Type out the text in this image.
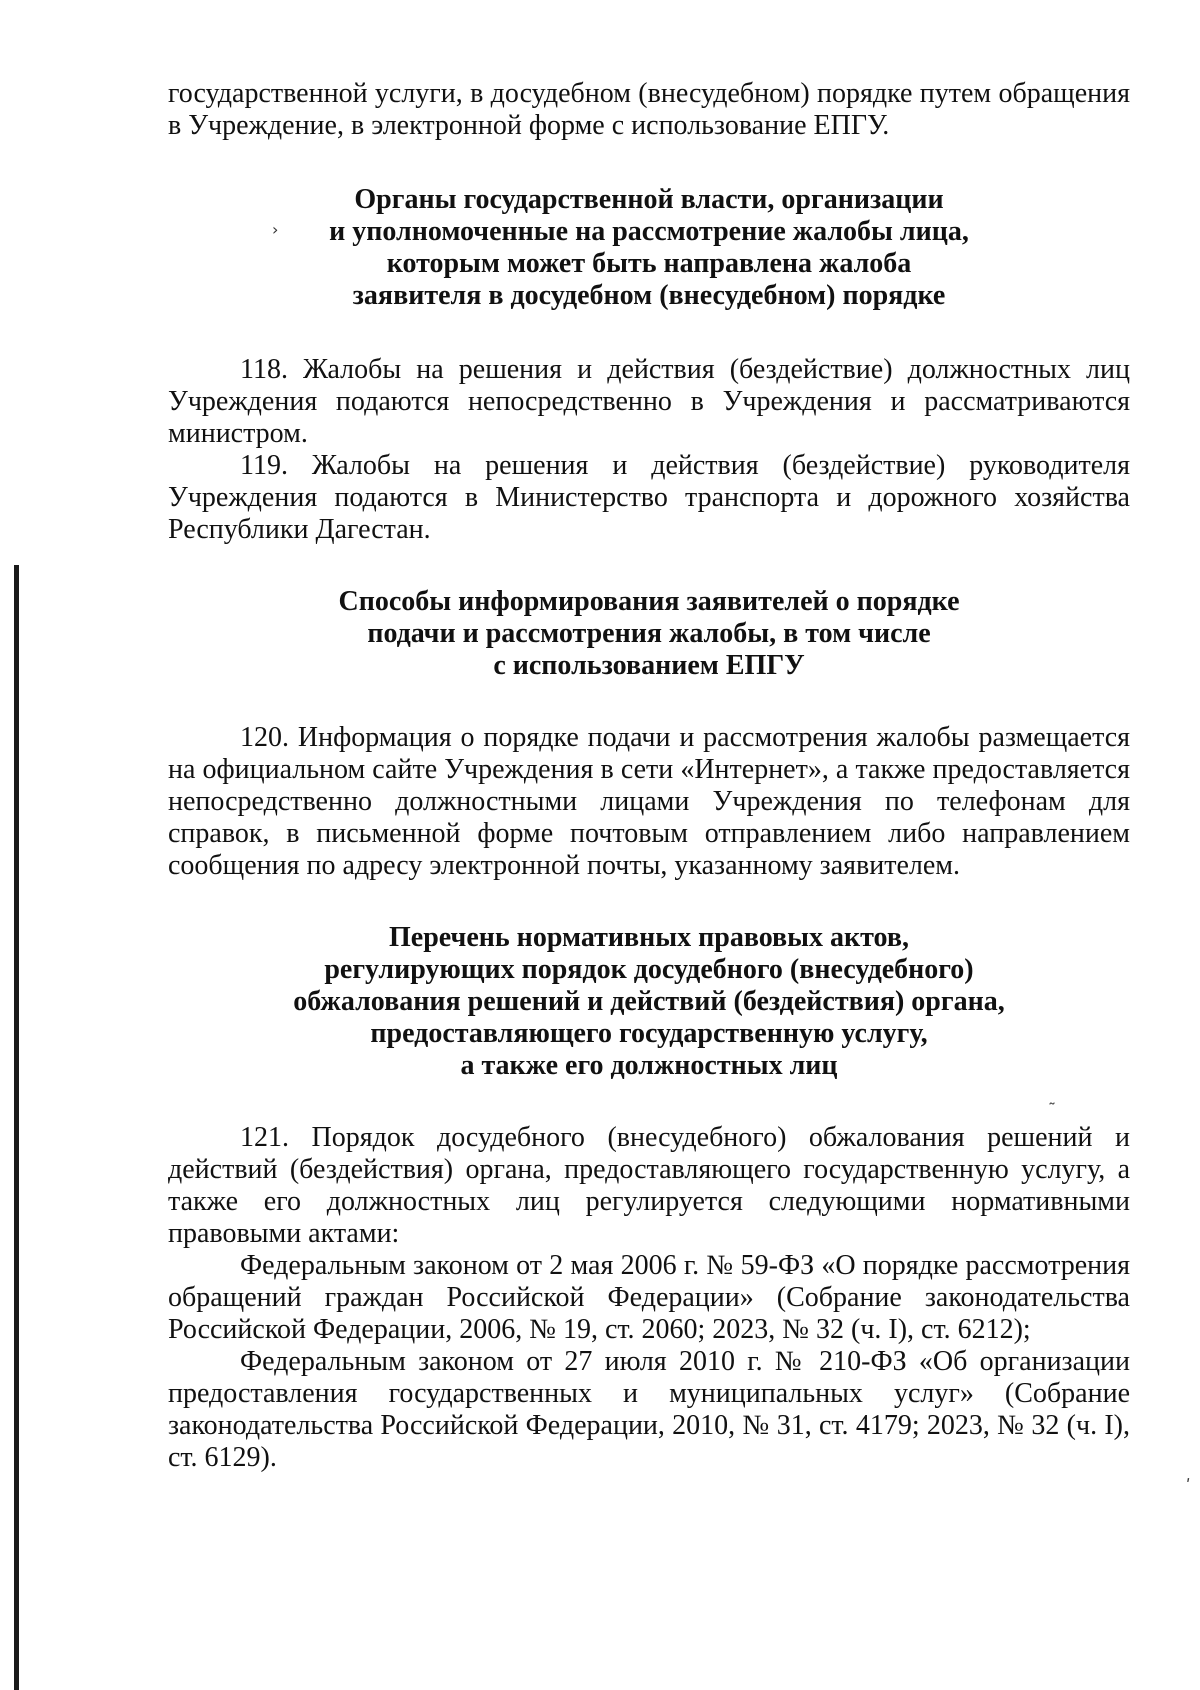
›
˜
ʹ

государственной услуги, в досудебном (внесудебном) порядке путем обращения в Учреждение, в электронной форме с использование ЕПГУ.

Органы государственной власти, организации

и уполномоченные на рассмотрение жалобы лица,

которым может быть направлена жалоба

заявителя в досудебном (внесудебном) порядке

118. Жалобы на решения и действия (бездействие) должностных лиц Учреждения подаются непосредственно в Учреждения и рассматриваются министром.

119. Жалобы на решения и действия (бездействие) руководителя Учреждения подаются в Министерство транспорта и дорожного хозяйства Республики Дагестан.

Способы информирования заявителей о порядке

подачи и рассмотрения жалобы, в том числе

с использованием ЕПГУ

120. Информация о порядке подачи и рассмотрения жалобы размещается на официальном сайте Учреждения в сети «Интернет», а также предоставляется непосредственно должностными лицами Учреждения по телефонам для справок, в письменной форме почтовым отправлением либо направлением сообщения по адресу электронной почты, указанному заявителем.

Перечень нормативных правовых актов,

регулирующих порядок досудебного (внесудебного)

обжалования решений и действий (бездействия) органа,

предоставляющего государственную услугу,

а также его должностных лиц

121. Порядок досудебного (внесудебного) обжалования решений и действий (бездействия) органа, предоставляющего государственную услугу, а также его должностных лиц регулируется следующими нормативными правовыми актами:

Федеральным законом от 2 мая 2006 г. № 59-ФЗ «О порядке рассмотрения обращений граждан Российской Федерации» (Собрание законодательства Российской Федерации, 2006, № 19, ст. 2060; 2023, № 32 (ч. I), ст. 6212);

Федеральным законом от 27 июля 2010 г. № 210-ФЗ «Об организации предоставления государственных и муниципальных услуг» (Собрание законодательства Российской Федерации, 2010, № 31, ст. 4179; 2023, № 32 (ч. I), ст. 6129).
